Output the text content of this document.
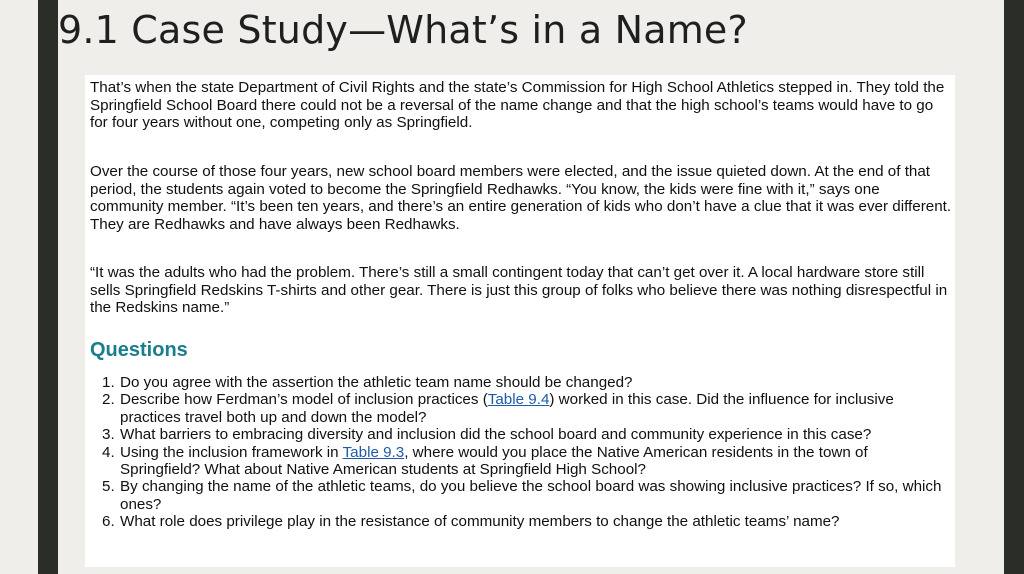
9.1 Case Study—What’s in a Name?

That’s when the state Department of Civil Rights and the state’s Commission for High School Athletics stepped in. They told the Springfield School Board there could not be a reversal of the name change and that the high school’s teams would have to go for four years without one, competing only as Springfield.

Over the course of those four years, new school board members were elected, and the issue quieted down. At the end of that period, the students again voted to become the Springfield Redhawks. “You know, the kids were fine with it,” says one community member. “It’s been ten years, and there’s an entire generation of kids who don’t have a clue that it was ever different. They are Redhawks and have always been Redhawks.

“It was the adults who had the problem. There’s still a small contingent today that can’t get over it. A local hardware store still sells Springfield Redskins T-shirts and other gear. There is just this group of folks who believe there was nothing disrespectful in the Redskins name.”

Questions
1. Do you agree with the assertion the athletic team name should be changed?
2. Describe how Ferdman’s model of inclusion practices (Table 9.4) worked in this case. Did the influence for inclusive practices travel both up and down the model?
3. What barriers to embracing diversity and inclusion did the school board and community experience in this case?
4. Using the inclusion framework in Table 9.3, where would you place the Native American residents in the town of Springfield? What about Native American students at Springfield High School?
5. By changing the name of the athletic teams, do you believe the school board was showing inclusive practices? If so, which ones?
6. What role does privilege play in the resistance of community members to change the athletic teams’ name?
